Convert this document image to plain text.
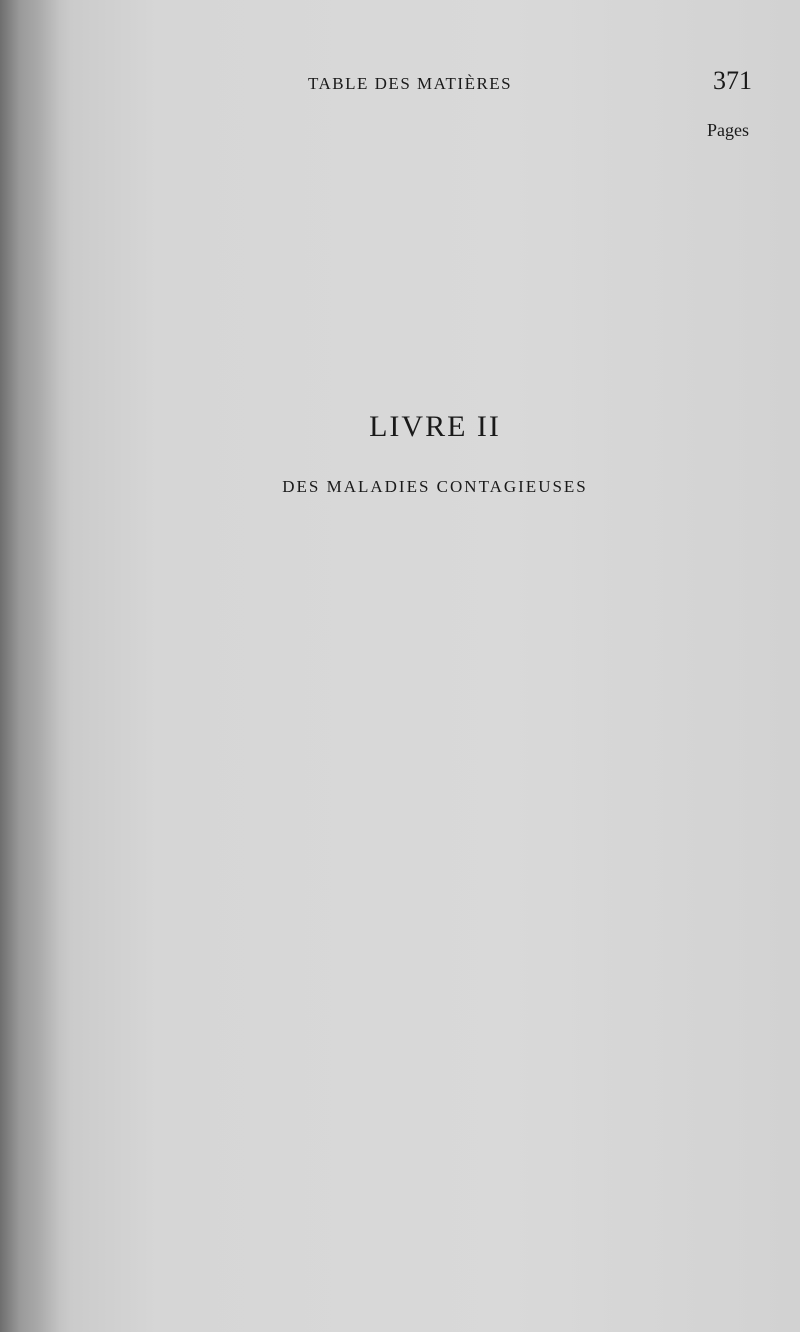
TABLE DES MATIÈRES	371
Pages
LIVRE II
DES MALADIES CONTAGIEUSES
